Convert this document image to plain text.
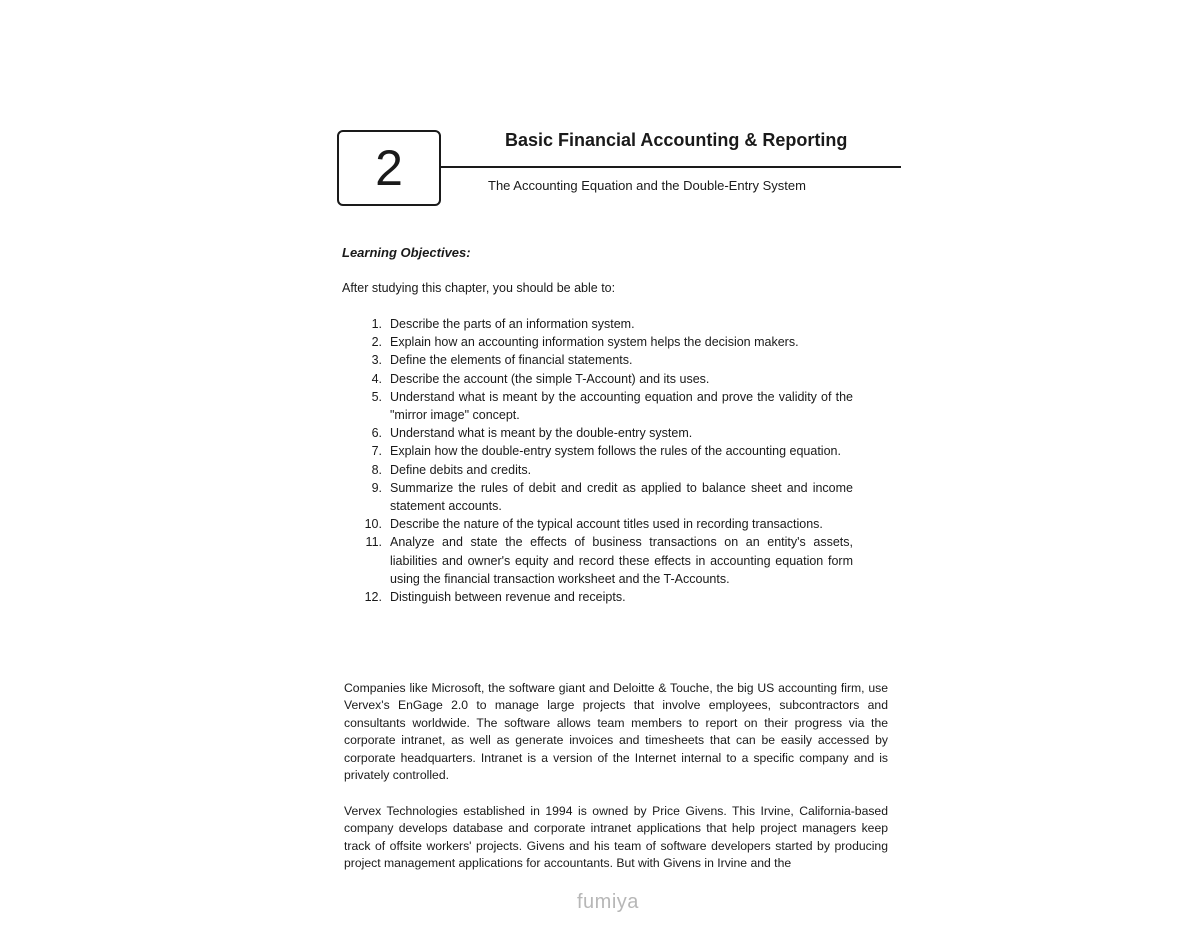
2	Basic Financial Accounting & Reporting
The Accounting Equation and the Double-Entry System
Learning Objectives:
After studying this chapter, you should be able to:
1. Describe the parts of an information system.
2. Explain how an accounting information system helps the decision makers.
3. Define the elements of financial statements.
4. Describe the account (the simple T-Account) and its uses.
5. Understand what is meant by the accounting equation and prove the validity of the "mirror image" concept.
6. Understand what is meant by the double-entry system.
7. Explain how the double-entry system follows the rules of the accounting equation.
8. Define debits and credits.
9. Summarize the rules of debit and credit as applied to balance sheet and income statement accounts.
10. Describe the nature of the typical account titles used in recording transactions.
11. Analyze and state the effects of business transactions on an entity's assets, liabilities and owner's equity and record these effects in accounting equation form using the financial transaction worksheet and the T-Accounts.
12. Distinguish between revenue and receipts.

Companies like Microsoft, the software giant and Deloitte & Touche, the big US accounting firm, use Vervex's EnGage 2.0 to manage large projects that involve employees, subcontractors and consultants worldwide. The software allows team members to report on their progress via the corporate intranet, as well as generate invoices and timesheets that can be easily accessed by corporate headquarters. Intranet is a version of the Internet internal to a specific company and is privately controlled.

Vervex Technologies established in 1994 is owned by Price Givens. This Irvine, California-based company develops database and corporate intranet applications that help project managers keep track of offsite workers' projects. Givens and his team of software developers started by producing project management applications for accountants. But with Givens in Irvine and the

fumiya
